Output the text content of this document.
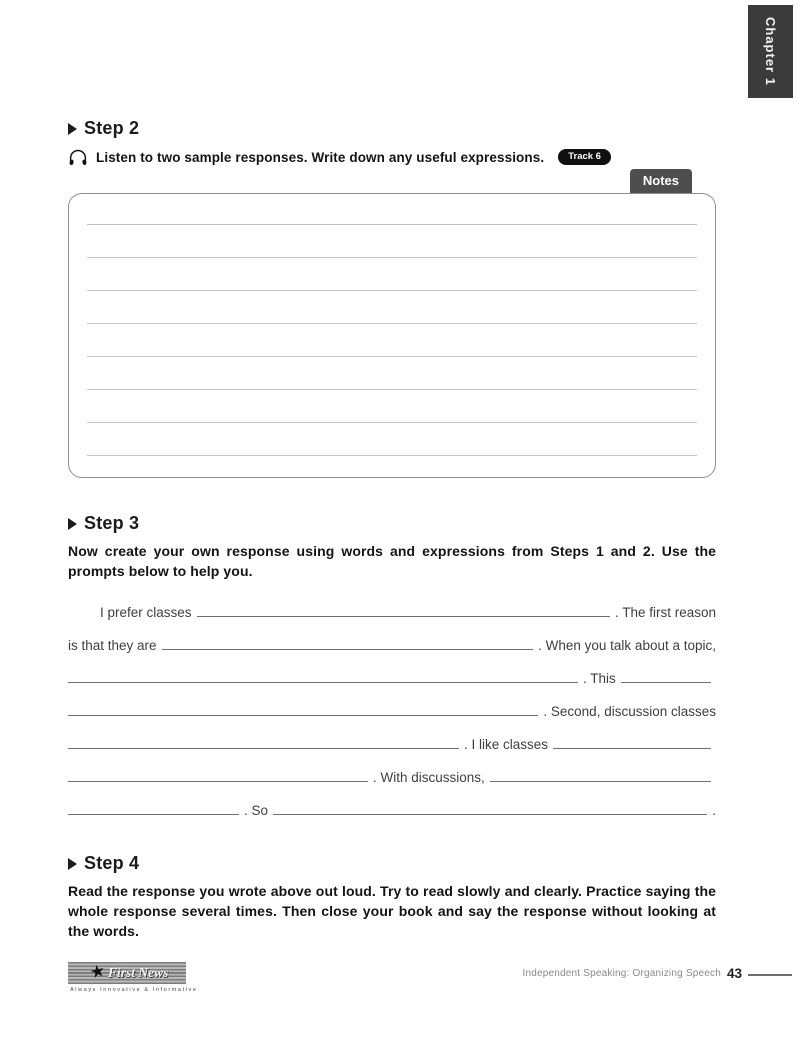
Chapter 1
Step 2
Listen to two sample responses. Write down any useful expressions.	Track 6
Notes
Step 3
Now create your own response using words and expressions from Steps 1 and 2. Use the prompts below to help you.
I prefer classes	. The first reason
is that they are	. When you talk about a topic,
. This
. Second, discussion classes
. I like classes
. With discussions,
. So	.
Step 4
Read the response you wrote above out loud. Try to read slowly and clearly. Practice saying the whole response several times. Then close your book and say the response without looking at the words.
★ First News
Always Innovative & Informative
Independent Speaking: Organizing Speech 43
